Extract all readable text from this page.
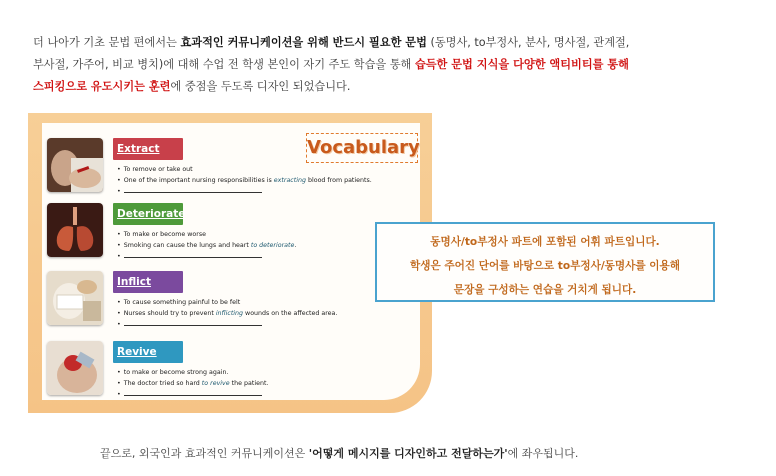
더 나아가 기초 문법 편에서는 효과적인 커뮤니케이션을 위해 반드시 필요한 문법 (동명사, to부정사, 분사, 명사절, 관계절,
부사절, 가주어, 비교 병치)에 대해 수업 전 학생 본인이 자기 주도 학습을 통해 습득한 문법 지식을 다양한 액티비티를 통해
스피킹으로 유도시키는 훈련에 중점을 두도록 디자인 되었습니다.
Vocabulary
Extract
• To remove or take out
• One of the important nursing responsibilities is extracting blood from patients.
•
Deteriorate
• To make or become worse
• Smoking can cause the lungs and heart to deteriorate.
•
Inflict
• To cause something painful to be felt
• Nurses should try to prevent inflicting wounds on the affected area.
•
Revive
• to make or become strong again.
• The doctor tried so hard to revive the patient.
•
동명사/to부정사 파트에 포함된 어휘 파트입니다.
학생은 주어진 단어를 바탕으로 to부정사/동명사를 이용해
문장을 구성하는 연습을 거치게 됩니다.
끝으로, 외국인과 효과적인 커뮤니케이션은 '어떻게 메시지를 디자인하고 전달하는가'에 좌우됩니다.
